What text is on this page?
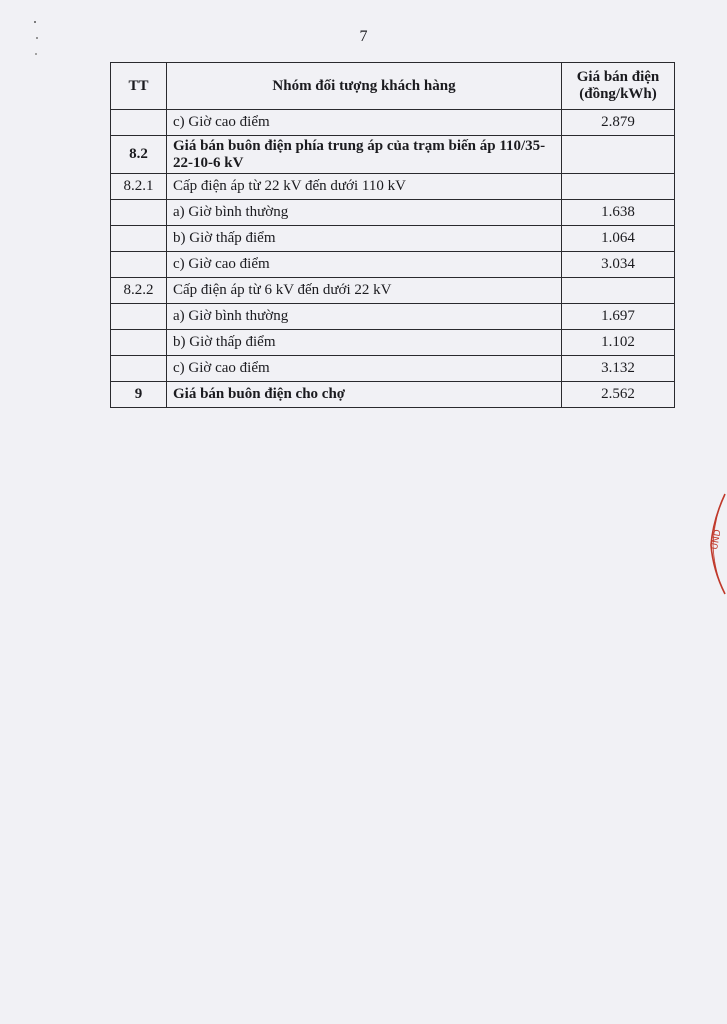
7
TT	Nhóm đối tượng khách hàng	Giá bán điện
(đồng/kWh)
	c) Giờ cao điểm	2.879
8.2	Giá bán buôn điện phía trung áp của trạm biến áp 110/35-22-10-6 kV	
8.2.1	Cấp điện áp từ 22 kV đến dưới 110 kV	
	a) Giờ bình thường	1.638
	b) Giờ thấp điểm	1.064
	c) Giờ cao điểm	3.034
8.2.2	Cấp điện áp từ 6 kV đến dưới 22 kV	
	a) Giờ bình thường	1.697
	b) Giờ thấp điểm	1.102
	c) Giờ cao điểm	3.132
9	Giá bán buôn điện cho chợ	2.562
UND
